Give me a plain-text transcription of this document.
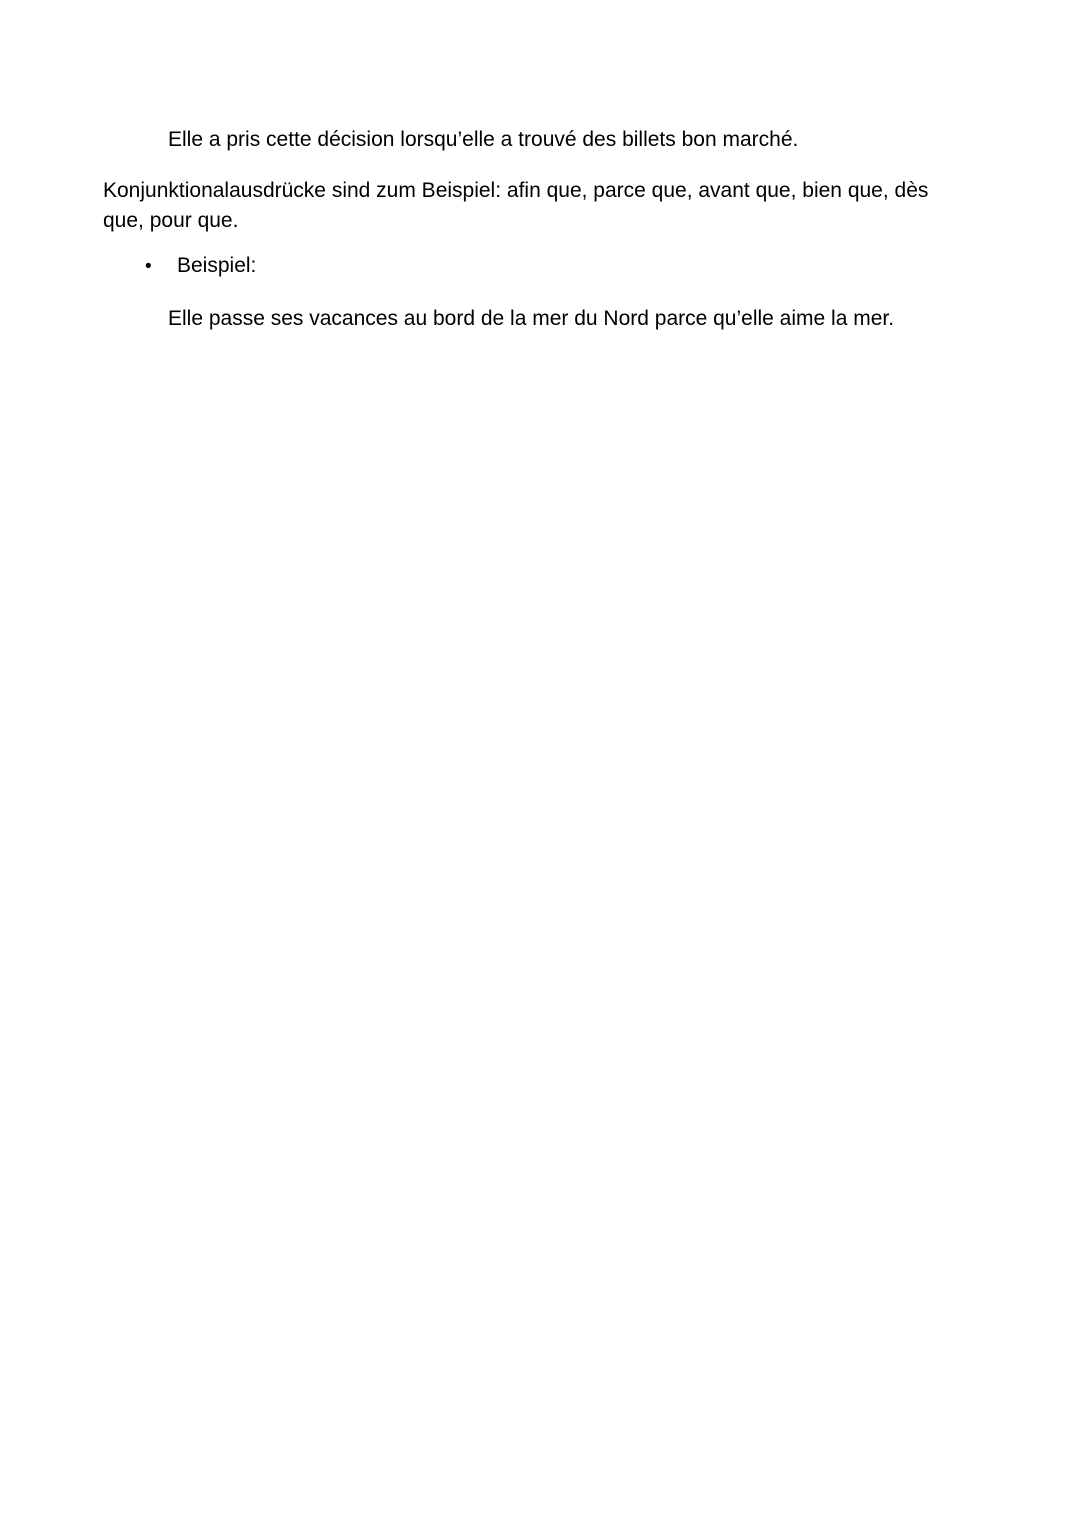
Elle a pris cette décision lorsqu’elle a trouvé des billets bon marché.

Konjunktionalausdrücke sind zum Beispiel: afin que, parce que, avant que, bien que, dès que, pour que.

•	Beispiel:

Elle passe ses vacances au bord de la mer du Nord parce qu’elle aime la mer.
